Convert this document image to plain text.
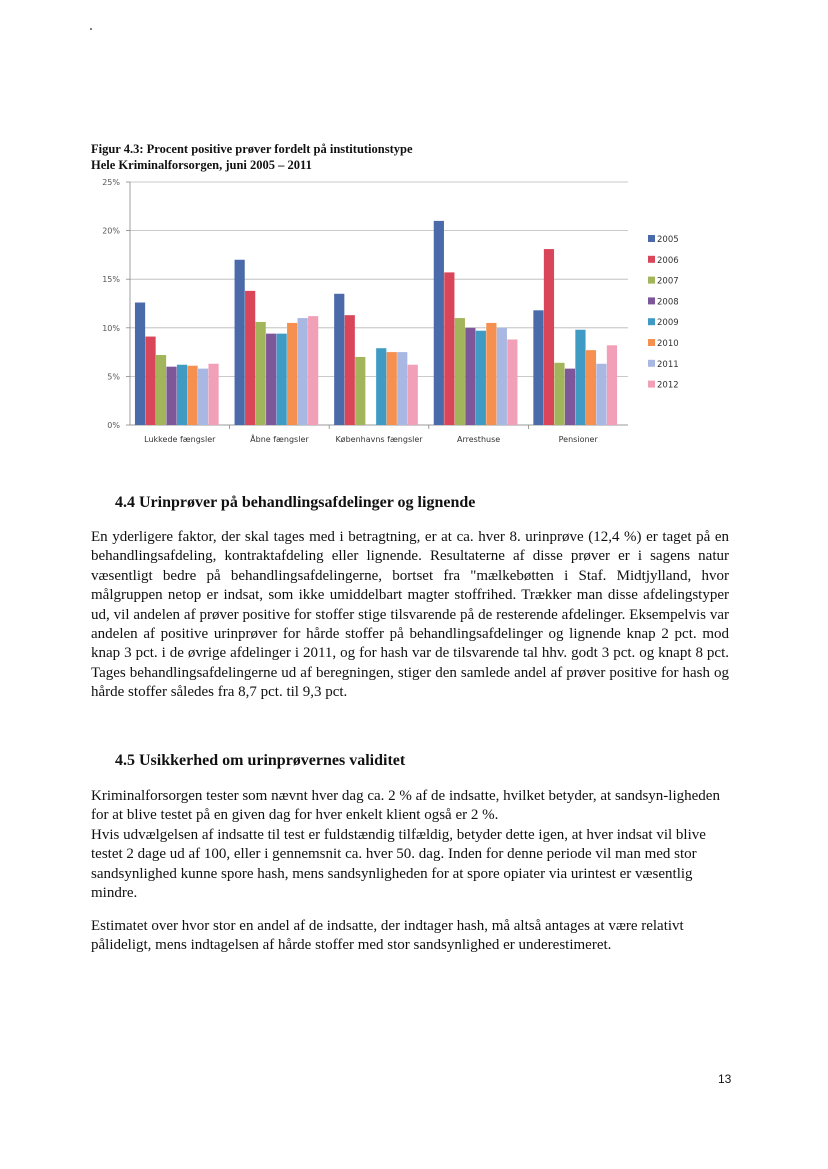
Figur 4.3: Procent positive prøver fordelt på institutionstype
Hele Kriminalforsorgen, juni 2005 – 2011
0%
5%
10%
15%
20%
25%
Lukkede fængsler	Åbne fængsler	Københavns fængsler	Arresthuse	Pensioner
2005
2006
2007
2008
2009
2010
2011
2012
4.4 Urinprøver på behandlingsafdelinger og lignende

En yderligere faktor, der skal tages med i betragtning, er at ca. hver 8. urinprøve (12,4 %) er taget på en behandlingsafdeling, kontraktafdeling eller lignende. Resultaterne af disse prøver er i sagens natur væsentligt bedre på behandlingsafdelingerne, bortset fra "mælkebøtten i Staf. Midtjylland, hvor målgruppen netop er indsat, som ikke umiddelbart magter stoffrihed. Trækker man disse afdelingstyper ud, vil andelen af prøver positive for stoffer stige tilsvarende på de resterende afdelinger. Eksempelvis var andelen af positive urinprøver for hårde stoffer på behandlingsafdelinger og lignende knap 2 pct. mod knap 3 pct. i de øvrige afdelinger i 2011, og for hash var de tilsvarende tal hhv. godt 3 pct. og knapt 8 pct. Tages behandlingsafdelingerne ud af beregningen, stiger den samlede andel af prøver positive for hash og hårde stoffer således fra 8,7 pct. til 9,3 pct.

4.5 Usikkerhed om urinprøvernes validitet

Kriminalforsorgen tester som nævnt hver dag ca. 2 % af de indsatte, hvilket betyder, at sandsyn-ligheden for at blive testet på en given dag for hver enkelt klient også er 2 %.

Hvis udvælgelsen af indsatte til test er fuldstændig tilfældig, betyder dette igen, at hver indsat vil blive testet 2 dage ud af 100, eller i gennemsnit ca. hver 50. dag. Inden for denne periode vil man med stor sandsynlighed kunne spore hash, mens sandsynligheden for at spore opiater via urintest er væsentlig mindre.

Estimatet over hvor stor en andel af de indsatte, der indtager hash, må altså antages at være relativt pålideligt, mens indtagelsen af hårde stoffer med stor sandsynlighed er underestimeret.

13
